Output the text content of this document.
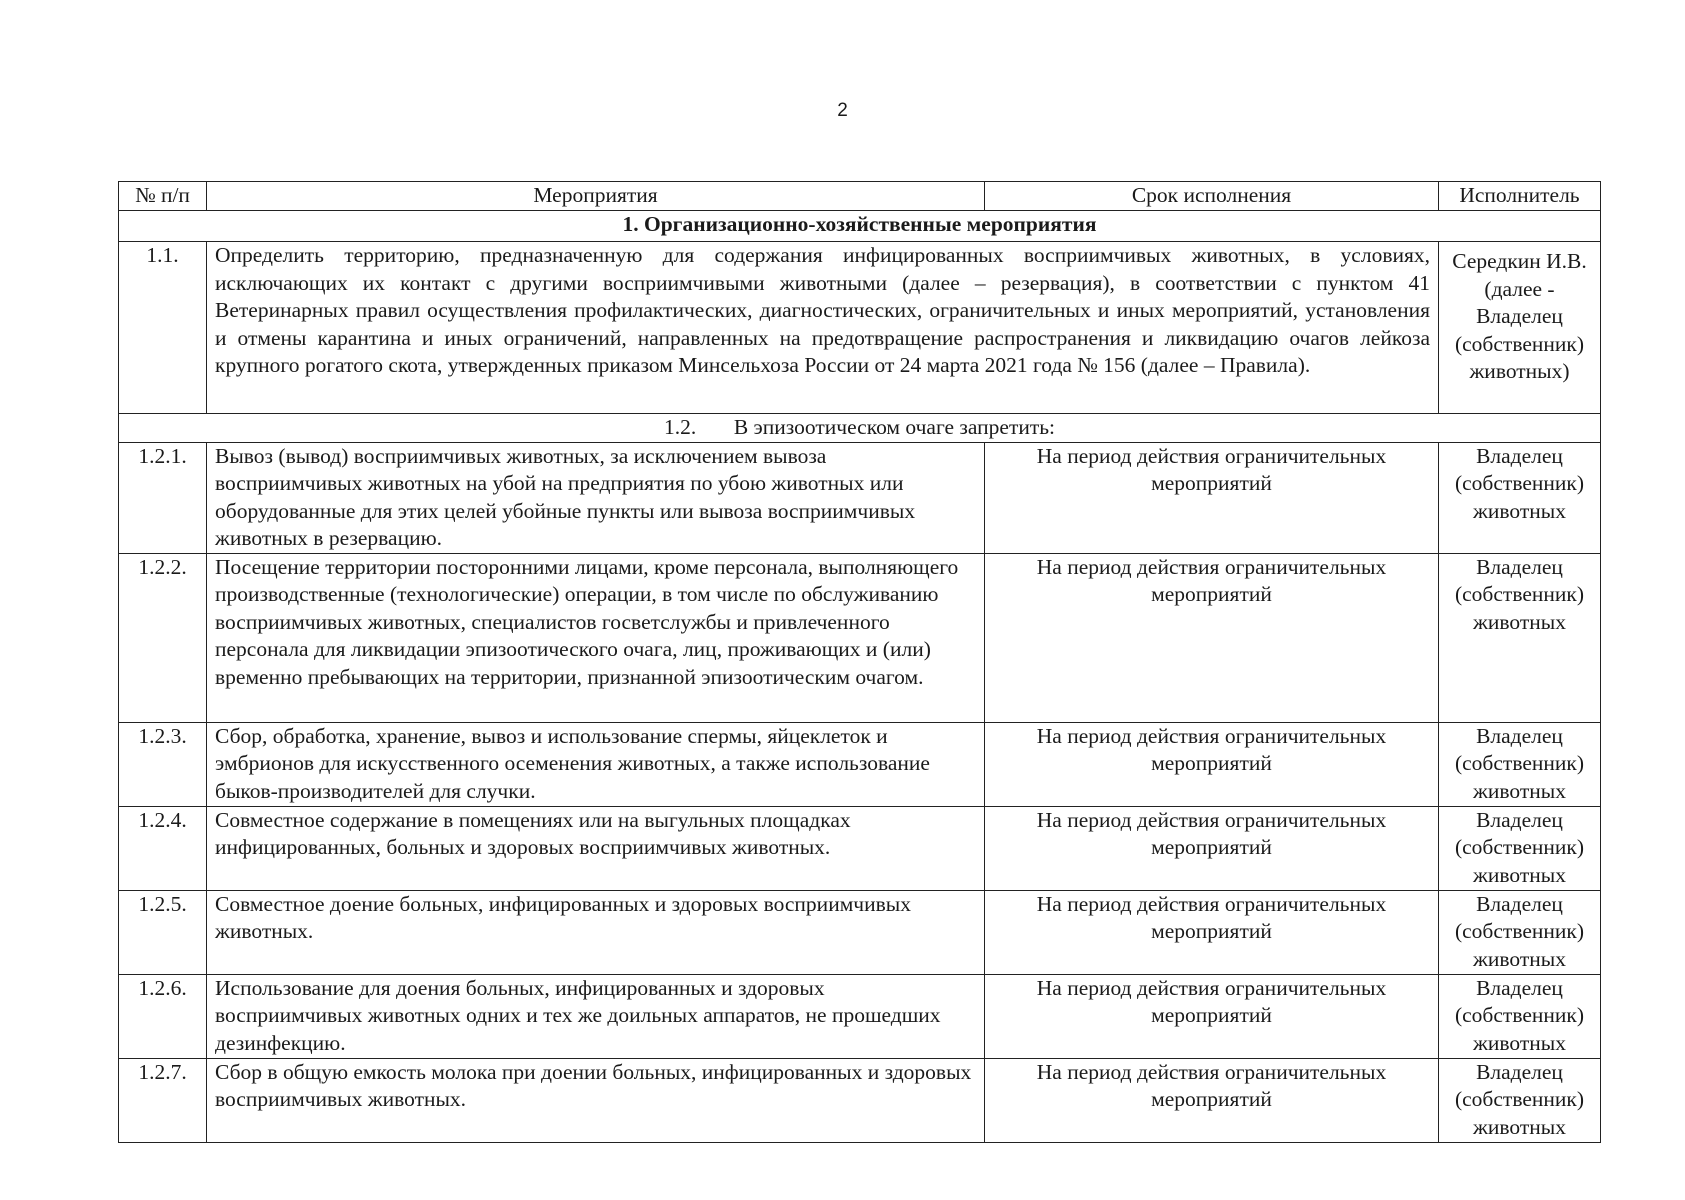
2
№ п/п	Мероприятия	Срок исполнения	Исполнитель
1. Организационно-хозяйственные мероприятия			
1.1.	Определить территорию, предназначенную для содержания инфицированных восприимчивых животных, в условиях, исключающих их контакт с другими восприимчивыми животными (далее – резервация), в соответствии с пунктом 41 Ветеринарных правил осуществления профилактических, диагностических, ограничительных и иных мероприятий, установления и отмены карантина и иных ограничений, направленных на предотвращение распространения и ликвидацию очагов лейкоза крупного рогатого скота, утвержденных приказом Минсельхоза России от 24 марта 2021 года № 156 (далее – Правила).		Середкин И.В. (далее - Владелец (собственник) животных)
1.2. В эпизоотическом очаге запретить:			
1.2.1.	Вывоз (вывод) восприимчивых животных, за исключением вывоза восприимчивых животных на убой на предприятия по убою животных или оборудованные для этих целей убойные пункты или вывоза восприимчивых животных в резервацию.	На период действия ограничительных мероприятий	Владелец (собственник) животных
1.2.2.	Посещение территории посторонними лицами, кроме персонала, выполняющего производственные (технологические) операции, в том числе по обслуживанию восприимчивых животных, специалистов госветслужбы и привлеченного персонала для ликвидации эпизоотического очага, лиц, проживающих и (или) временно пребывающих на территории, признанной эпизоотическим очагом.	На период действия ограничительных мероприятий	Владелец (собственник) животных
1.2.3.	Сбор, обработка, хранение, вывоз и использование спермы, яйцеклеток и эмбрионов для искусственного осеменения животных, а также использование быков-производителей для случки.	На период действия ограничительных мероприятий	Владелец (собственник) животных
1.2.4.	Совместное содержание в помещениях или на выгульных площадках инфицированных, больных и здоровых восприимчивых животных.	На период действия ограничительных мероприятий	Владелец (собственник) животных
1.2.5.	Совместное доение больных, инфицированных и здоровых восприимчивых животных.	На период действия ограничительных мероприятий	Владелец (собственник) животных
1.2.6.	Использование для доения больных, инфицированных и здоровых восприимчивых животных одних и тех же доильных аппаратов, не прошедших дезинфекцию.	На период действия ограничительных мероприятий	Владелец (собственник) животных
1.2.7.	Сбор в общую емкость молока при доении больных, инфицированных и здоровых восприимчивых животных.	На период действия ограничительных мероприятий	Владелец (собственник) животных
